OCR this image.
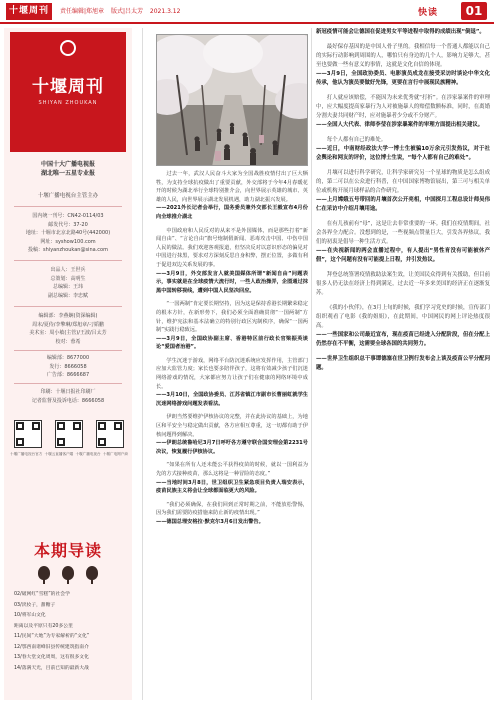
十堰周刊	责任编辑|郑旭章 版式|吕太芳 2021.3.12	快读	01
十堰周刊
SHIYAN ZHOUKAN
中国十大广播电视报
湖北唯一五星专业报
十堰广播电视台主管主办
国内统一刊号：CN42-0114/03
邮发代号：37-20
地址：十堰市北京北路40号(442000)
网址：syshow100.com
投稿：shiyanzhoukan@sina.com
出品人：王世兵
总策划：高明生
总编辑：王玮
副总编辑：李忠赋
编辑部：李燕娴(资深编辑)
周末/夏侍/李擎琳/郑旭章/刁韬鹏
美术室：周小敏(主管)/王波/吕太芳
校对：蓉希
编辑部：8677000
发行：8666058
广告部：8666687
印刷：十堰日报社印刷厂
记者监督及投诉电话：8666058
十堰广播电视台官方 十堰云直播客户端 十堰广播电视台 十堰广电网户商
本期导读
02/破网红“雪糕”的社会学
03/淡妆子，甜糖子
10/将军山文化
距离以及平原只有20多公里
11/民间“大地”为专家解析的“文化”
12/鄂西南诸峰旧县传统建筑指南介
13/春大堂文化周周，这有很多文化
14/落满天光，目前已知的最新大战

过去一年，武汉人民奋斗大家为全国战胜疫情付出了巨大牺牲，为支持全球抗疫做出了重要贡献，外交部将于今年4月春暖花开的时候为湖北举行全球特别推介会，向世界展示英雄的城市、英雄的人民，向世界展示湖北发展机遇，助力湖北振兴发展。

——2021外长记者会举行，国务委员兼外交部长王毅宣布4月份向全球推介湖北

中国政府和人民反对的从来不是外国媒体，而是那些打着“新闻自由”、“言论自由”旗号炮制假新闻、恶毒攻击中国、中伤中国人民的做法。我们欢迎客观报道，但坚决反对以意识形态的偏见对中国进行抹黑，要求对方深刻反思自身积弊，摆正位置，多做有利于促进双边关系发展的事。

——3月9日，外交部发言人就美国媒体所谓“新闻自由”问题表示，事实就是在全球疫情大流行时，一些人政治操弄，企图通过抹黑中国转移视线，遭到中国人民坚决回应。

“一国两制”肯定要长期坚持，因为这是保持香港长期繁荣稳定的根本方针，在新形势下，我们必须全面准确贯彻“一国两制”方针，维护宪法和基本法确立的特别行政区宪制秩序，确保“一国两制”实践行稳致远。

——3月9日，全国政协副主席、香港特区前行政长官梁振英谈论“爱国者治港”。

学生沉迷于游戏，网络平台防沉迷系统应发挥作用，主管部门应加大监管力度；家长也要多陪伴孩子，这将有效减少孩子们沉迷网络游戏的情况，大家都应努力让孩子们在健康的网络环境中成长。

——3月10日，全国政协委员、江苏省镇江市副市长曹丽虹就学生沉迷网络游戏问题发表看法。

伊朗当然要维护伊核协议的完整，并在此协议的基础上，为地区和平安全与稳定做出贡献，各方应相互尊重，这一切都有助于伊核问题得到解决。

——伊朗总统鲁哈尼3月7日呼吁各方遵守联合国安理会第2231号决议，恢复履行伊核协议。

“如果在所有人还未能公平获得疫苗的时候，就以一国利益为先的方式接种疫苗，那么这将是一种冒险的态度。”

——当地时间3月8日，世卫组织卫生紧急项目负责人瑞安表示，疫苗民族主义将会让全球都面临更大的风险。

“我们必须确保，在我们回到正常时期之前，不能放松警惕，因为我们需要防疫措施来防止新的疫情出现。”

——德国总理安格拉·默克尔3月6日发出警告。
新冠疫情可能会让德国在促进男女平等进程中取得的成绩出现“倒退”。

最好保存基因的是中国人骨子里的。我相信每一个普通人都能以自己的实际行动影响到周围的人，哪怕只有身边的几个人，影响力足够大，甚至也要做一些有意义的事情，这就是文化自信的体现。

——3月9日，全国政协委员、电影演员成龙在接受采访时谈论中华文化传承，他认为演员要做好先锋，更要在言行中展现民族精神。

打人就应该赔偿，不能因为未来优秀就“打折”。在涉家暴案件的审理中，应大幅度提高家暴行为人对被施暴人的赔偿数额标准，同时，在离婚分割夫妻共同财产时，应对施暴者少分或不分财产。

——全国人大代表、律师李莹在涉家暴案件的审理方面提出相关建议。

每个人都有自己的难处。

——近日，中南财经政法大学一博士生被骗10万余元引发热议，对于社会舆论和网友的评价，这位博士生说，“每个人都有自己的难处”。

月壤可以进行科学研究，让科学家研究另一个星球的物质是怎么组成的，第二可以在公众进行科普，在中国国家博物馆展出，第三可与相关单位或机构开展月球样品的合作研究。

——上月嫦娥五号带回的月壤首次公开亮相，中国探月工程总设计师吴伟仁在采访中介绍月壤用途。

在有儿孩前有“母”，这是让去非常重要的一环。我们在疫情期间，社会各界全力配合。没想到的是，一些视频点赞量巨大，引发各界热议，我们的初衷是倡导一种生活方式。

——在央视新闻的两会直播过程中，有人提出“男性育没有可能被休产假”，这个问题有没有可能提上日程，并引发热议。

拜登总统签署疫情救助法案生效，让美国民众得到有关援助，但目前很多人仍无法在经济上得到满足，过去近一年多来美国的经济正在逐渐复苏。

《我的小伙伴》，在3月上旬的时候，我们学习党史的时候，宣传部门组织观看了电影《我的姐姐》，在此期间，中国网民的网上评论热度很高。

——一些国家和公司最近宣布，现在疫苗已经进入分配阶段，但在分配上仍然存在不平衡，这需要全球各国的共同努力。
——世界卫生组织总干事谭德塞在世卫例行发布会上谈及疫苗公平分配问题。
